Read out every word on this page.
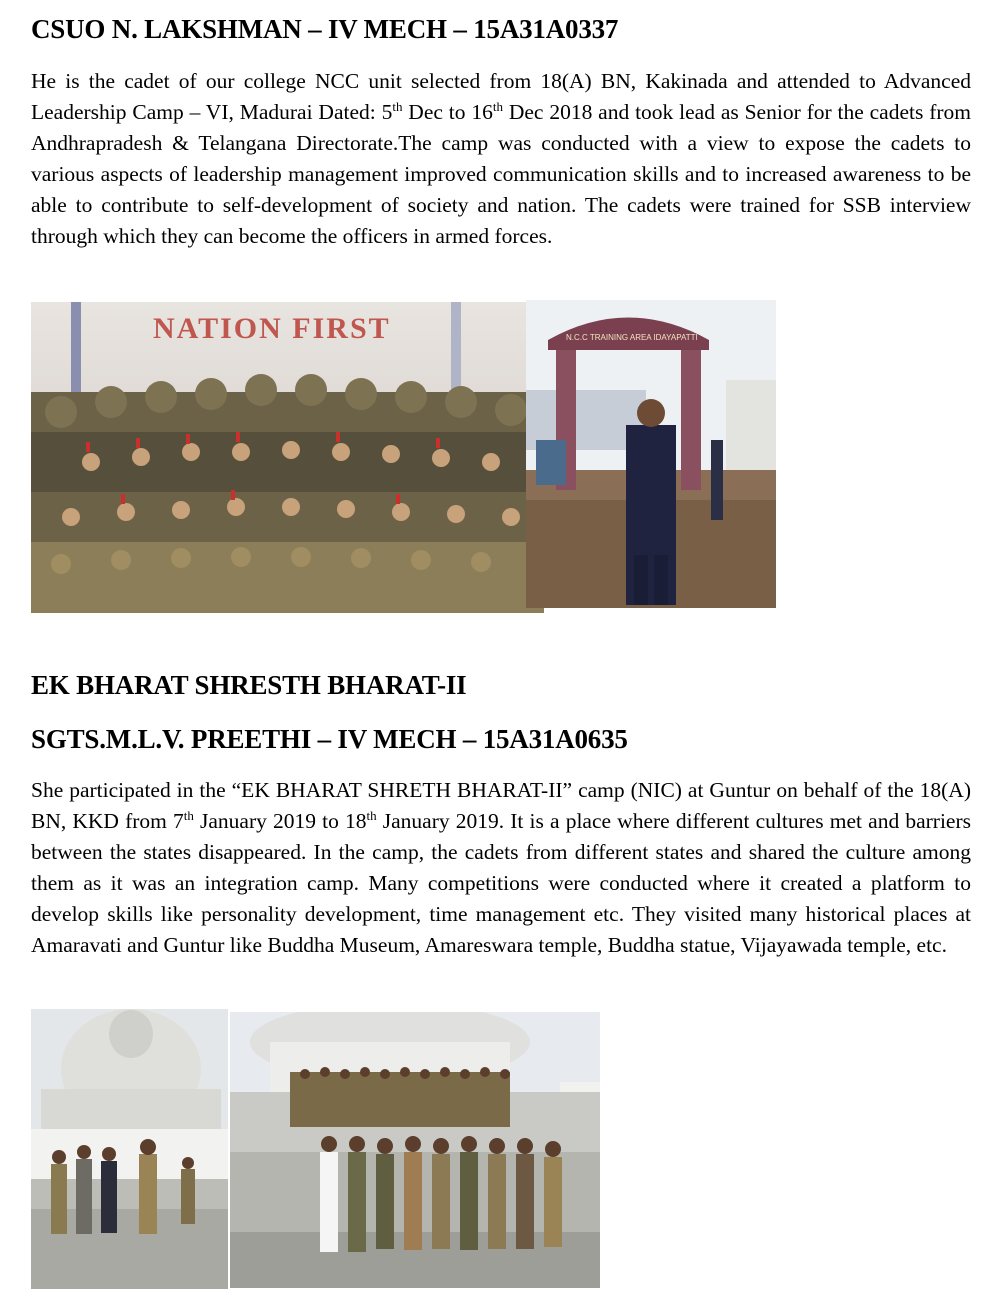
CSUO N. LAKSHMAN – IV MECH – 15A31A0337
He is the cadet of our college NCC unit selected from 18(A) BN, Kakinada and attended to Advanced Leadership Camp – VI, Madurai Dated: 5th Dec to 16th Dec 2018 and took lead as Senior for the cadets from Andhrapradesh & Telangana Directorate.The camp was conducted with a view to expose the cadets to various aspects of leadership management improved communication skills and to increased awareness to be able to contribute to self-development of society and nation. The cadets were trained for SSB interview through which they can become the officers in armed forces.
NATION FIRST	N.C.C TRAINING AREA IDAYAPATTI
EK BHARAT SHRESTH BHARAT-II
SGTS.M.L.V. PREETHI – IV MECH – 15A31A0635
She participated in the “EK BHARAT SHRETH BHARAT-II” camp (NIC) at Guntur on behalf of the 18(A) BN, KKD from 7th January 2019 to 18th January 2019. It is a place where different cultures met and barriers between the states disappeared. In the camp, the cadets from different states and shared the culture among them as it was an integration camp. Many competitions were conducted where it created a platform to develop skills like personality development, time management etc. They visited many historical places at Amaravati and Guntur like Buddha Museum, Amareswara temple, Buddha statue, Vijayawada temple, etc.
